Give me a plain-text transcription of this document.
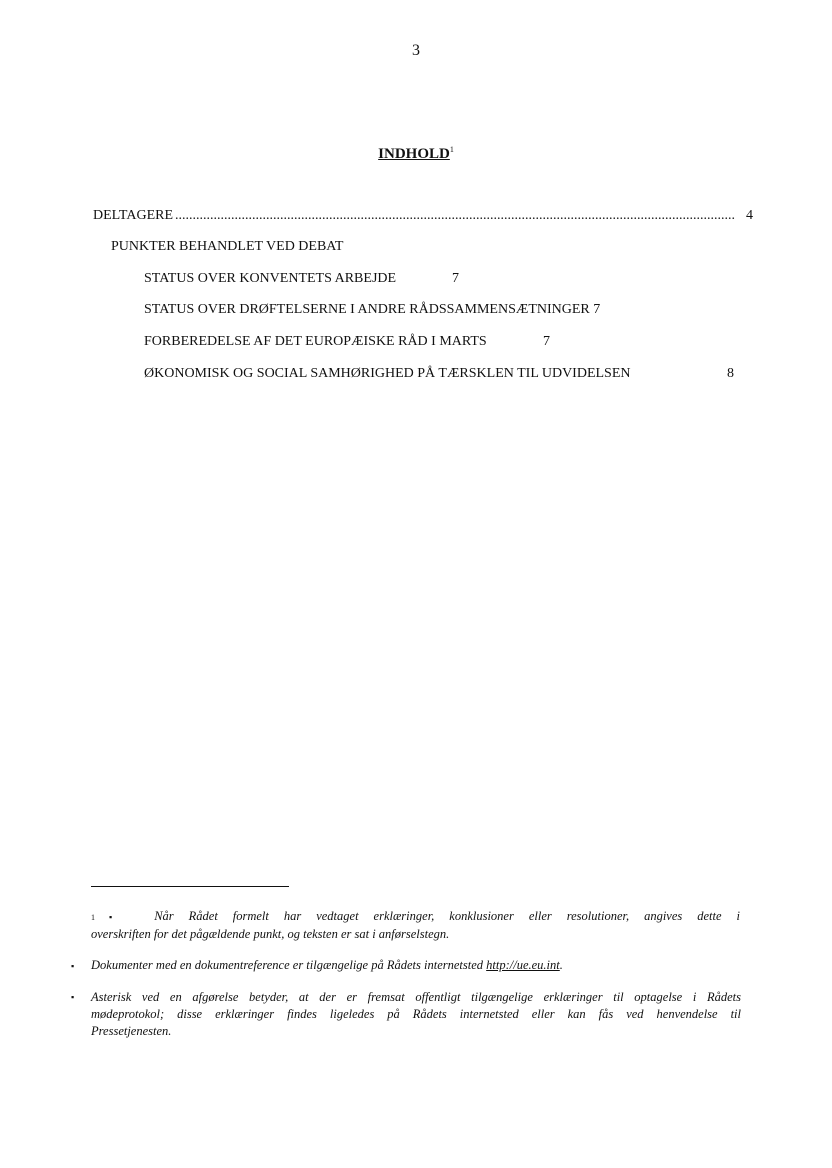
3
INDHOLD$^1$
DELTAGERE ................................................................................................................................................................ 4
PUNKTER BEHANDLET VED DEBAT
STATUS OVER KONVENTETS ARBEJDE	7
STATUS OVER DRØFTELSERNE I ANDRE RÅDSSAMMENSÆTNINGER 7
FORBEREDELSE AF DET EUROPÆISKE RÅD I MARTS	7
ØKONOMISK OG SOCIAL SAMHØRIGHED PÅ TÆRSKLEN TIL UDVIDELSEN	8
1 ▪	Når Rådet formelt har vedtaget erklæringer, konklusioner eller resolutioner, angives dette i
overskriften for det pågældende punkt, og teksten er sat i anførselstegn.
▪	Dokumenter med en dokumentreference er tilgængelige på Rådets internetsted http://ue.eu.int.
▪	Asterisk ved en afgørelse betyder, at der er fremsat offentligt tilgængelige erklæringer til optagelse i Rådets
mødeprotokol; disse erklæringer findes ligeledes på Rådets internetsted eller kan fås ved henvendelse til
Pressetjenesten.
